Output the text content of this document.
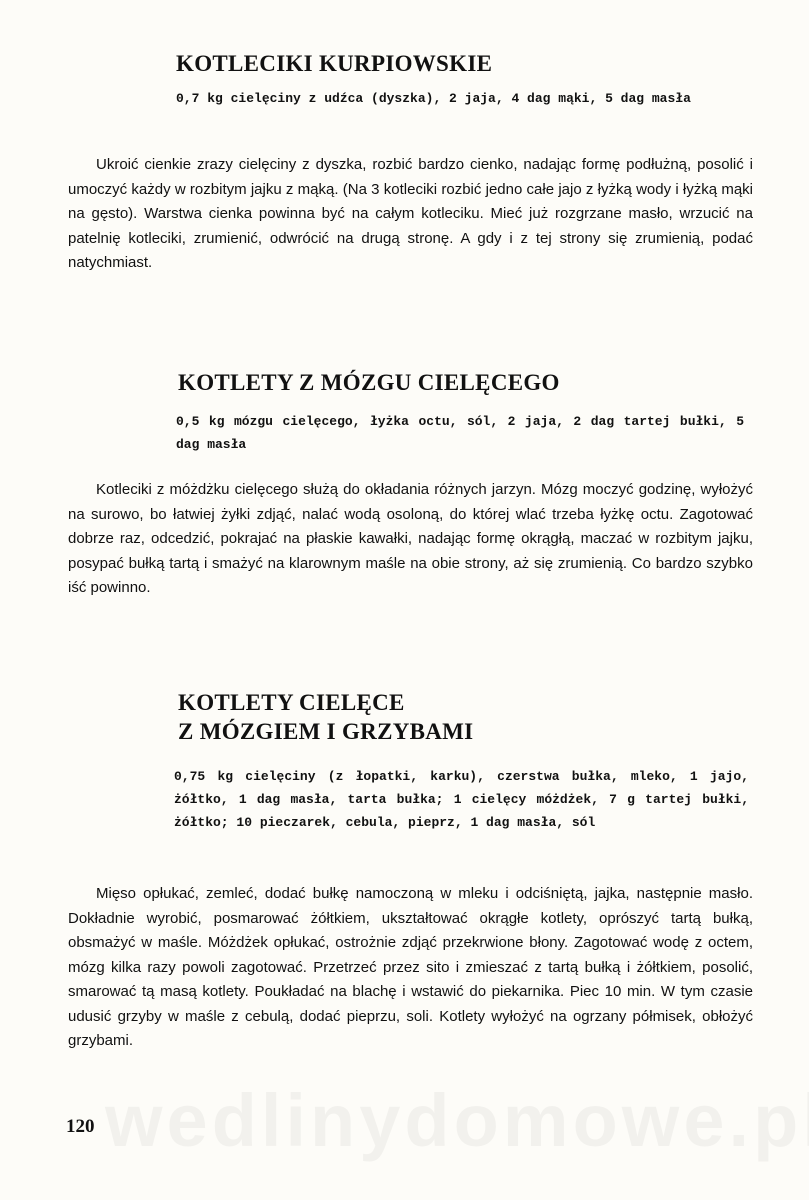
KOTLECIKI KURPIOWSKIE

0,7 kg cielęciny z udźca (dyszka), 2 jaja, 4 dag mąki, 5 dag masła

Ukroić cienkie zrazy cielęciny z dyszka, rozbić bardzo cienko, nadając formę podłużną, posolić i umoczyć każdy w rozbitym jajku z mąką. (Na 3 kotleciki rozbić jedno całe jajo z łyżką wody i łyżką mąki na gęsto). Warstwa cienka powinna być na całym kotleciku. Mieć już rozgrzane masło, wrzucić na patelnię kotleciki, zrumienić, odwrócić na drugą stronę. A gdy i z tej strony się zrumienią, podać natychmiast.

KOTLETY Z MÓZGU CIELĘCEGO

0,5 kg mózgu cielęcego, łyżka octu, sól, 2 jaja, 2 dag tartej bułki, 5 dag masła

Kotleciki z móżdżku cielęcego służą do okładania różnych jarzyn. Mózg moczyć godzinę, wyłożyć na surowo, bo łatwiej żyłki zdjąć, nalać wodą osoloną, do której wlać trzeba łyżkę octu. Zagotować dobrze raz, odcedzić, pokrajać na płaskie kawałki, nadając formę okrągłą, maczać w rozbitym jajku, posypać bułką tartą i smażyć na klarownym maśle na obie strony, aż się zrumienią. Co bardzo szybko iść powinno.

KOTLETY CIELĘCE
Z MÓZGIEM I GRZYBAMI

0,75 kg cielęciny (z łopatki, karku), czerstwa bułka, mleko, 1 jajo, żółtko, 1 dag masła, tarta bułka; 1 cielęcy móżdżek, 7 g tartej bułki, żółtko; 10 pieczarek, cebula, pieprz, 1 dag masła, sól

Mięso opłukać, zemleć, dodać bułkę namoczoną w mleku i odciśniętą, jajka, następnie masło. Dokładnie wyrobić, posmarować żółtkiem, ukształtować okrągłe kotlety, oprószyć tartą bułką, obsmażyć w maśle. Móżdżek opłukać, ostrożnie zdjąć przekrwione błony. Zagotować wodę z octem, mózg kilka razy powoli zagotować. Przetrzeć przez sito i zmieszać z tartą bułką i żółtkiem, posolić, smarować tą masą kotlety. Poukładać na blachę i wstawić do piekarnika. Piec 10 min. W tym czasie udusić grzyby w maśle z cebulą, dodać pieprzu, soli. Kotlety wyłożyć na ogrzany półmisek, obłożyć grzybami.

120
